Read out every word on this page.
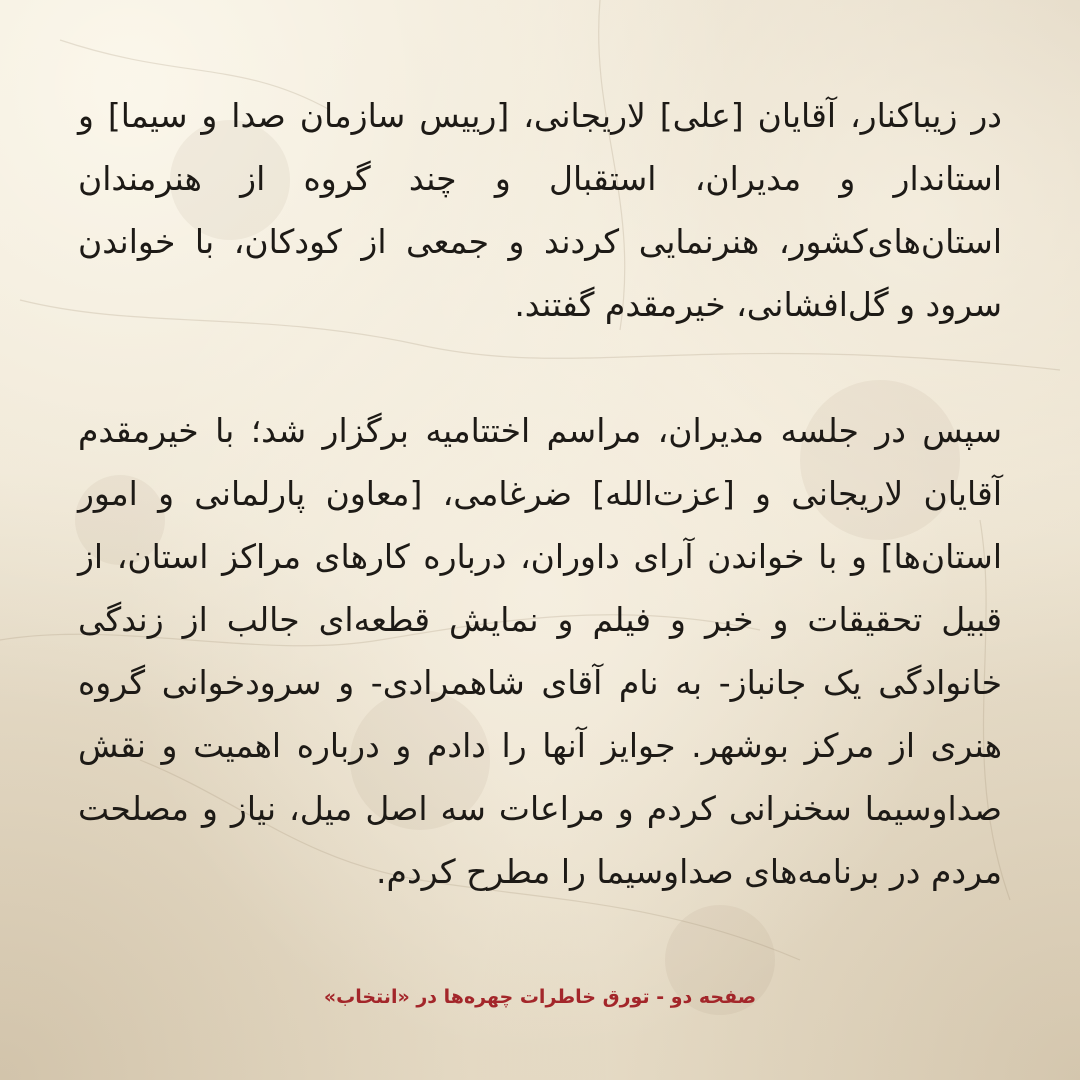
در زیباکنار، آقایان [علی] لاریجانی، [رییس سازمان صدا و سیما] و استاندار و مدیران، استقبال و چند گروه از هنرمندان استان‌های‌کشور، هنرنمایی کردند و جمعی از کودکان، با خواندن سرود و گل‌افشانی، خیرمقدم گفتند.

سپس در جلسه مدیران، مراسم اختتامیه برگزار شد؛ با خیرمقدم آقایان لاریجانی و [عزت‌الله] ضرغامی، [معاون پارلمانی و امور استان‌ها] و با خواندن آرای داوران، درباره کارهای مراکز استان، از قبیل تحقیقات و خبر و فیلم و نمایش قطعه‌ای جالب از زندگی خانوادگی یک جانباز- به نام آقای شاهمرادی- و سرودخوانی گروه هنری از مرکز بوشهر. جوایز آنها را دادم و درباره اهمیت و نقش صداوسیما سخنرانی کردم و مراعات سه اصل میل، نیاز و مصلحت مردم در برنامه‌های صداوسیما را مطرح کردم.

صفحه دو - تورق خاطرات چهره‌ها در «انتخاب»
